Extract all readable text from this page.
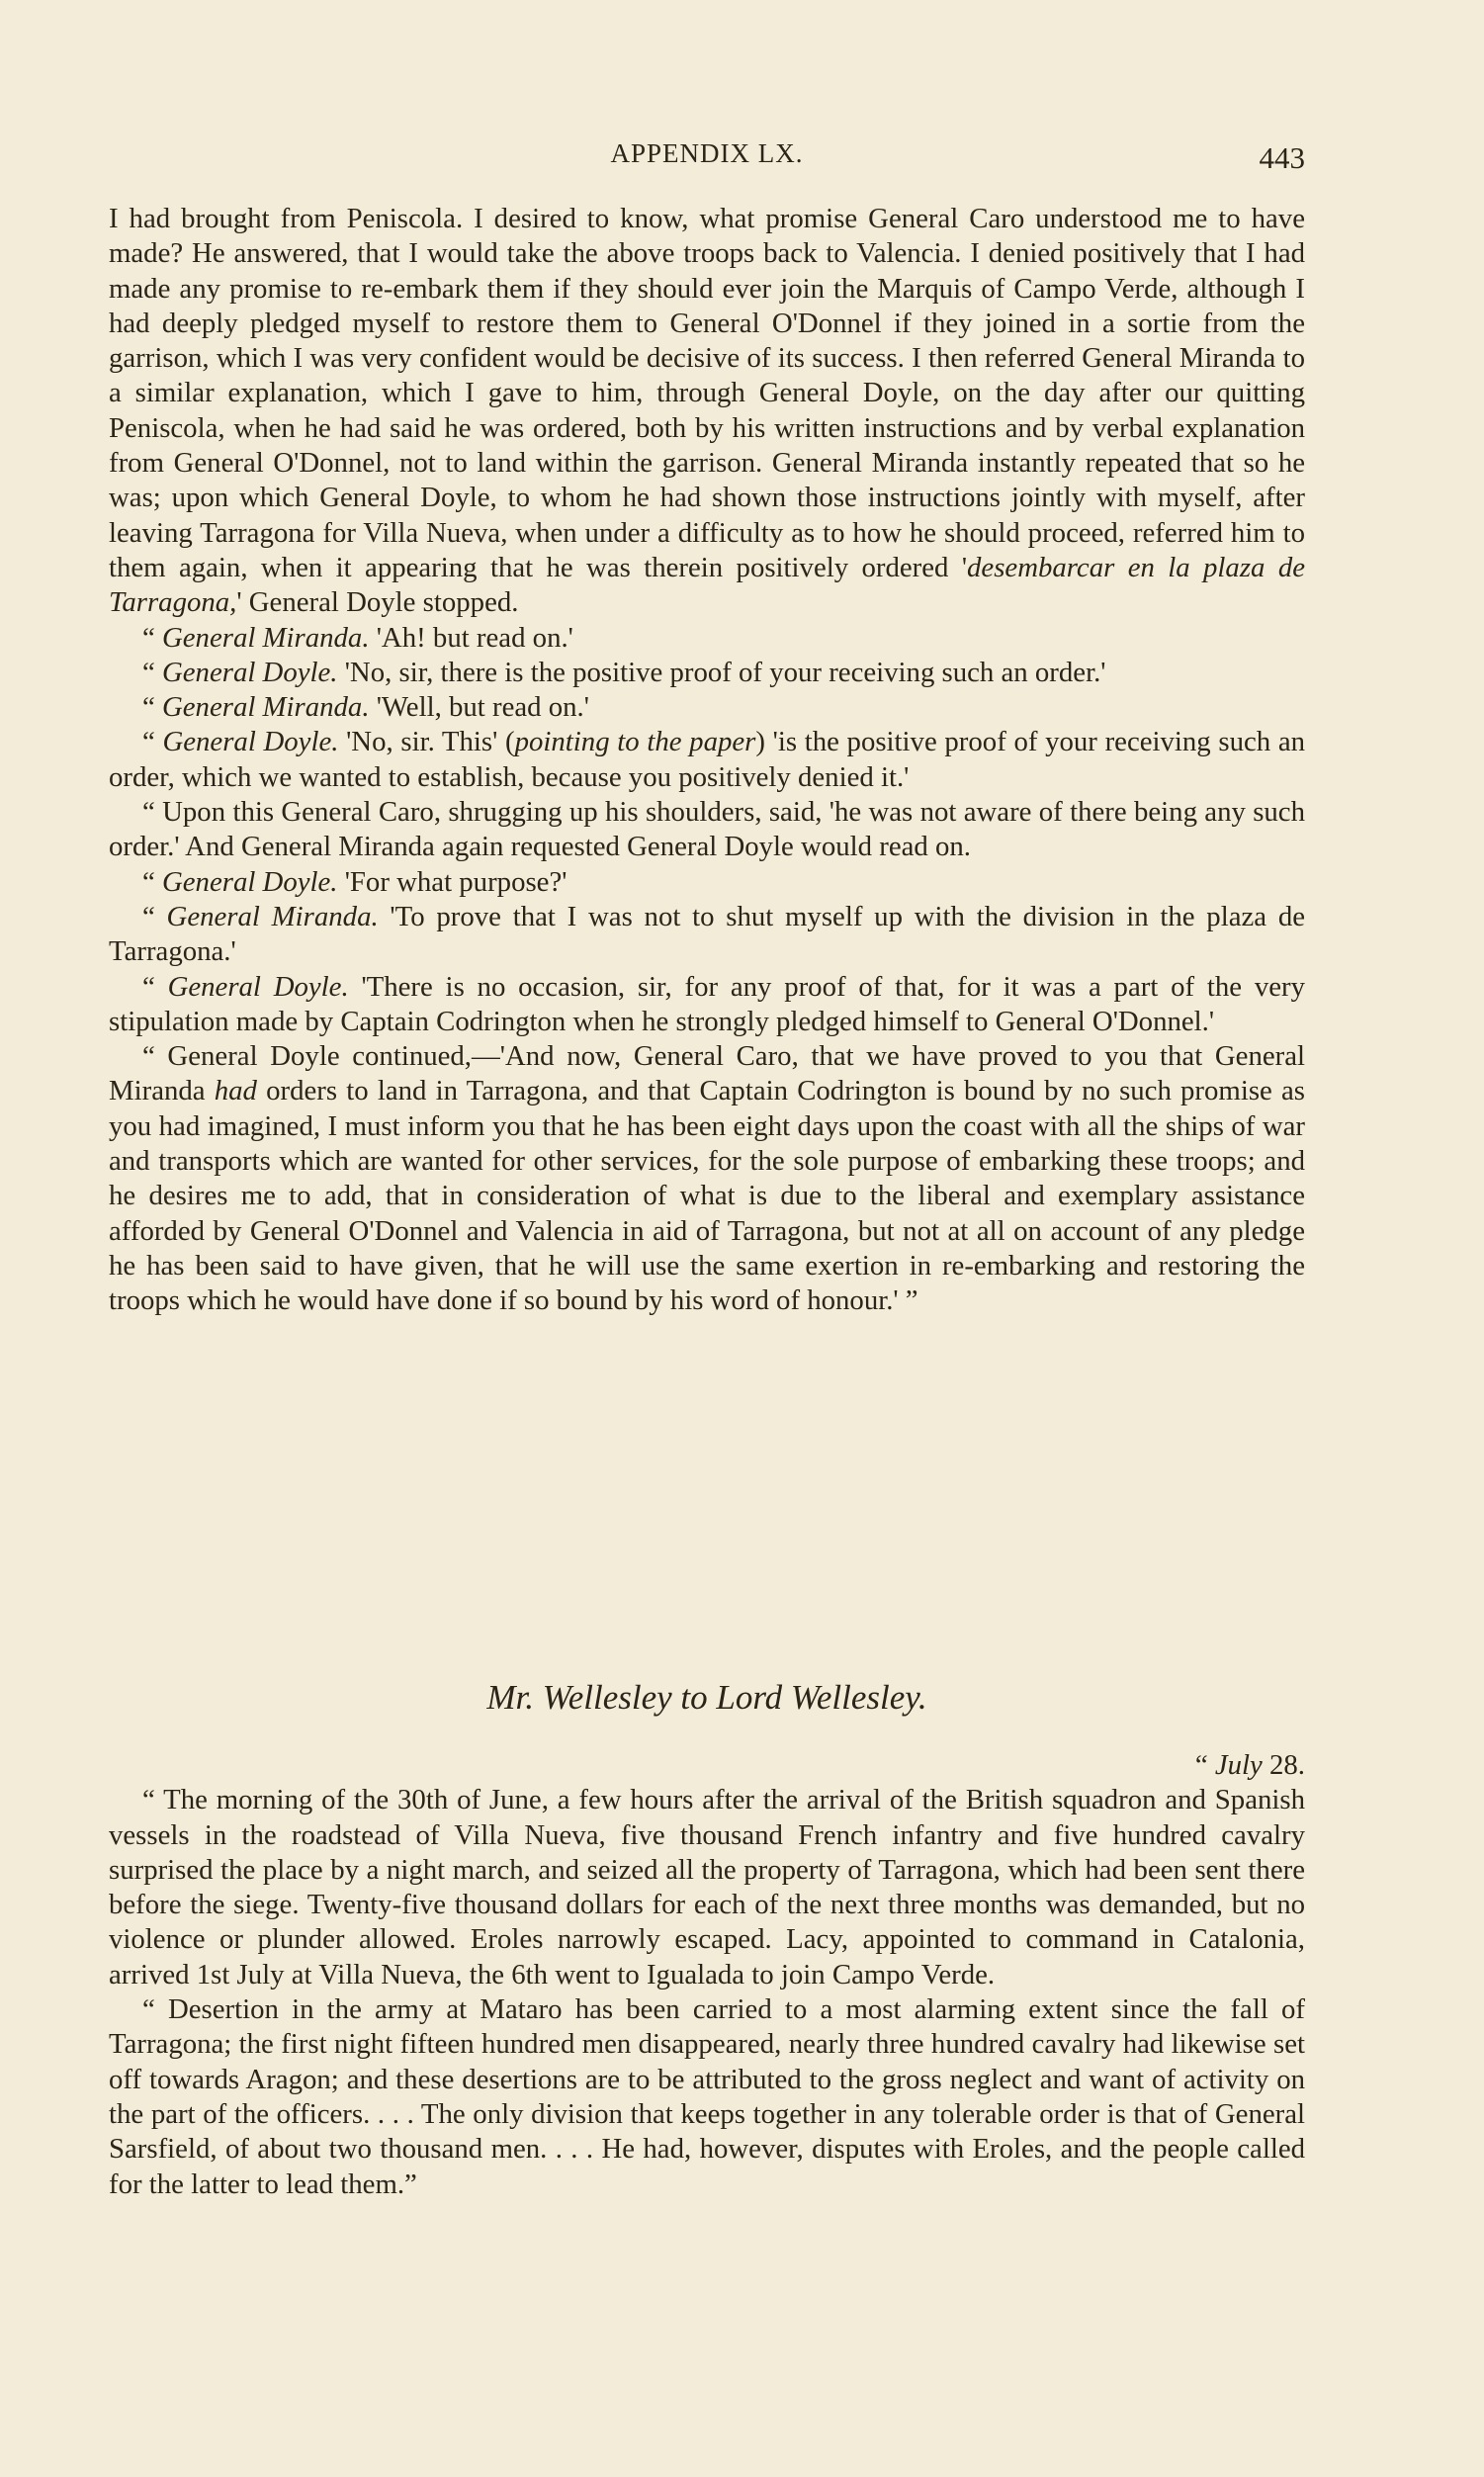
APPENDIX LX.	443

I had brought from Peniscola. I desired to know, what promise General Caro understood me to have made? He answered, that I would take the above troops back to Valencia. I denied positively that I had made any promise to re-embark them if they should ever join the Marquis of Campo Verde, although I had deeply pledged myself to restore them to General O'Donnel if they joined in a sortie from the garrison, which I was very confident would be decisive of its success. I then referred General Miranda to a similar explanation, which I gave to him, through General Doyle, on the day after our quitting Peniscola, when he had said he was ordered, both by his written instructions and by verbal explanation from General O'Donnel, not to land within the garrison. General Miranda instantly repeated that so he was; upon which General Doyle, to whom he had shown those instructions jointly with myself, after leaving Tarragona for Villa Nueva, when under a difficulty as to how he should proceed, referred him to them again, when it appearing that he was therein positively ordered 'desembarcar en la plaza de Tarragona,' General Doyle stopped.

“ General Miranda. 'Ah! but read on.'

“ General Doyle. 'No, sir, there is the positive proof of your receiving such an order.'

“ General Miranda. 'Well, but read on.'

“ General Doyle. 'No, sir. This' (pointing to the paper) 'is the positive proof of your receiving such an order, which we wanted to establish, because you positively denied it.'

“ Upon this General Caro, shrugging up his shoulders, said, 'he was not aware of there being any such order.' And General Miranda again requested General Doyle would read on.

“ General Doyle. 'For what purpose?'

“ General Miranda. 'To prove that I was not to shut myself up with the division in the plaza de Tarragona.'

“ General Doyle. 'There is no occasion, sir, for any proof of that, for it was a part of the very stipulation made by Captain Codrington when he strongly pledged himself to General O'Donnel.'

“ General Doyle continued,—'And now, General Caro, that we have proved to you that General Miranda had orders to land in Tarragona, and that Captain Codrington is bound by no such promise as you had imagined, I must inform you that he has been eight days upon the coast with all the ships of war and transports which are wanted for other services, for the sole purpose of embarking these troops; and he desires me to add, that in consideration of what is due to the liberal and exemplary assistance afforded by General O'Donnel and Valencia in aid of Tarragona, but not at all on account of any pledge he has been said to have given, that he will use the same exertion in re-embarking and restoring the troops which he would have done if so bound by his word of honour.' ”

Mr. Wellesley to Lord Wellesley.

“ July 28.

“ The morning of the 30th of June, a few hours after the arrival of the British squadron and Spanish vessels in the roadstead of Villa Nueva, five thousand French infantry and five hundred cavalry surprised the place by a night march, and seized all the property of Tarragona, which had been sent there before the siege. Twenty-five thousand dollars for each of the next three months was demanded, but no violence or plunder allowed. Eroles narrowly escaped. Lacy, appointed to command in Catalonia, arrived 1st July at Villa Nueva, the 6th went to Igualada to join Campo Verde.

“ Desertion in the army at Mataro has been carried to a most alarming extent since the fall of Tarragona; the first night fifteen hundred men disappeared, nearly three hundred cavalry had likewise set off towards Aragon; and these desertions are to be attributed to the gross neglect and want of activity on the part of the officers. . . . The only division that keeps together in any tolerable order is that of General Sarsfield, of about two thousand men. . . . He had, however, disputes with Eroles, and the people called for the latter to lead them.”
